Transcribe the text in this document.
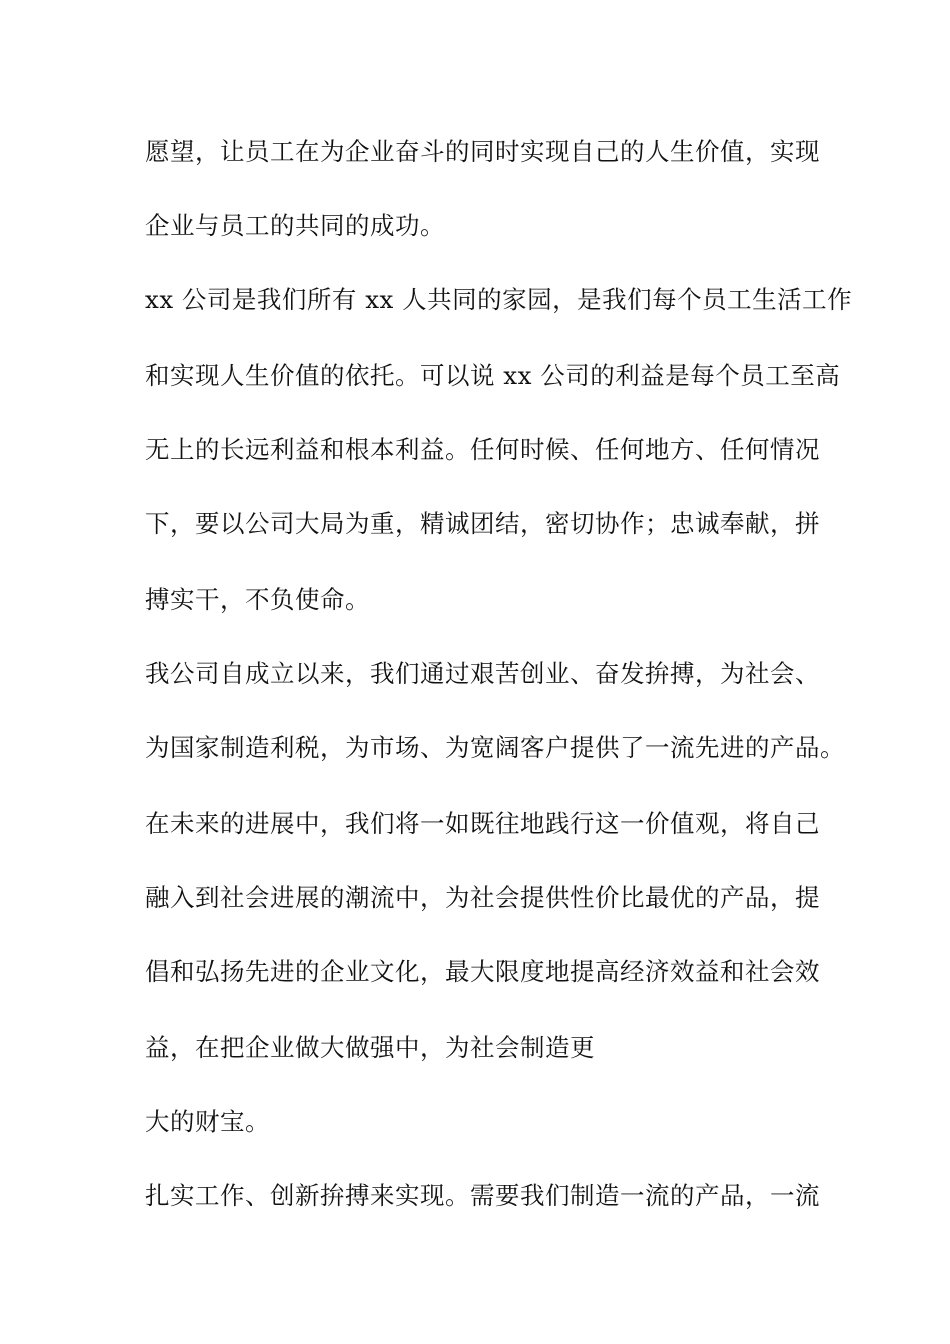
愿望，让员工在为企业奋斗的同时实现自己的人生价值，实现
企业与员工的共同的成功。
xx 公司是我们所有 xx 人共同的家园，是我们每个员工生活工作
和实现人生价值的依托。可以说 xx 公司的利益是每个员工至高
无上的长远利益和根本利益。任何时候、任何地方、任何情况
下，要以公司大局为重，精诚团结，密切协作；忠诚奉献，拼
搏实干，不负使命。
我公司自成立以来，我们通过艰苦创业、奋发拚搏，为社会、
为国家制造利税，为市场、为宽阔客户提供了一流先进的产品。
在未来的进展中，我们将一如既往地践行这一价值观，将自己
融入到社会进展的潮流中，为社会提供性价比最优的产品，提
倡和弘扬先进的企业文化，最大限度地提高经济效益和社会效
益，在把企业做大做强中，为社会制造更
大的财宝。
扎实工作、创新拚搏来实现。需要我们制造一流的产品，一流
